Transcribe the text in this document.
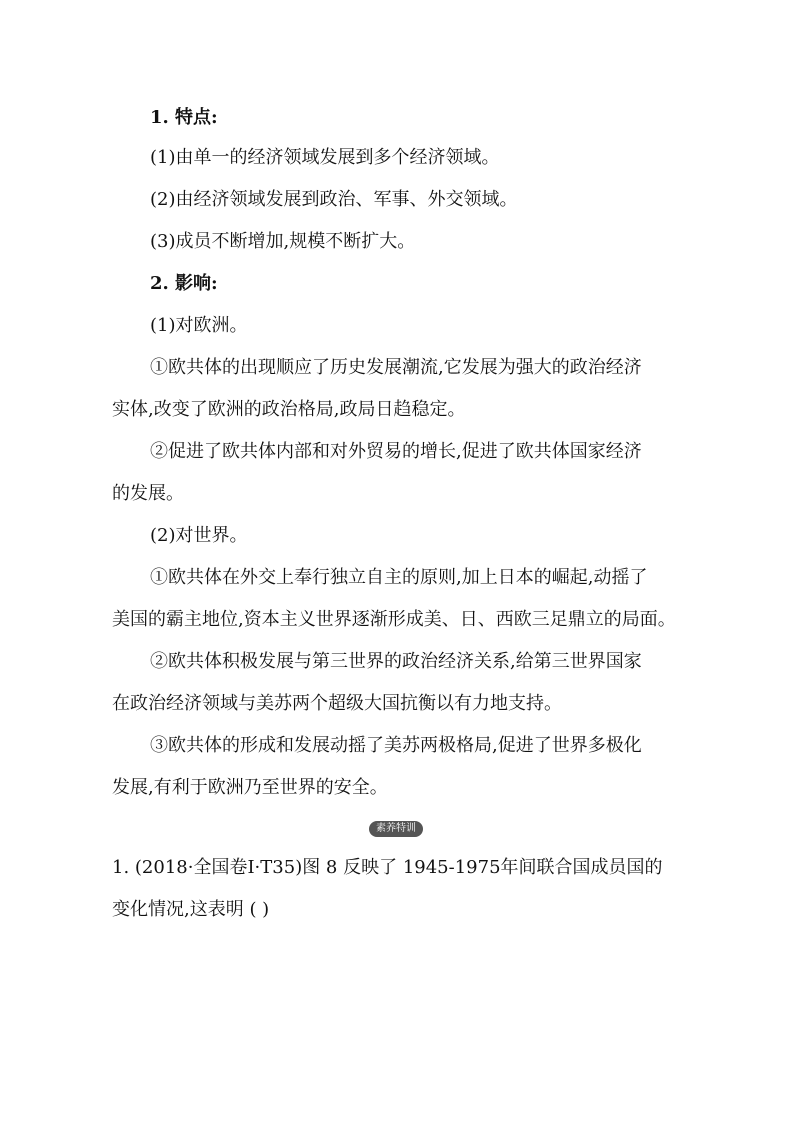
1. 特点:
(1)由单一的经济领域发展到多个经济领域。
(2)由经济领域发展到政治、军事、外交领域。
(3)成员不断增加,规模不断扩大。
2. 影响:
(1)对欧洲。
①欧共体的出现顺应了历史发展潮流,它发展为强大的政治经济
实体,改变了欧洲的政治格局,政局日趋稳定。
②促进了欧共体内部和对外贸易的增长,促进了欧共体国家经济
的发展。
(2)对世界。
①欧共体在外交上奉行独立自主的原则,加上日本的崛起,动摇了
美国的霸主地位,资本主义世界逐渐形成美、日、西欧三足鼎立的局面。
②欧共体积极发展与第三世界的政治经济关系,给第三世界国家
在政治经济领域与美苏两个超级大国抗衡以有力地支持。
③欧共体的形成和发展动摇了美苏两极格局,促进了世界多极化
发展,有利于欧洲乃至世界的安全。
素养特训
1. (2018·全国卷Ⅰ·T35)图 8 反映了 1945-1975年间联合国成员国的
变化情况,这表明 ( )
